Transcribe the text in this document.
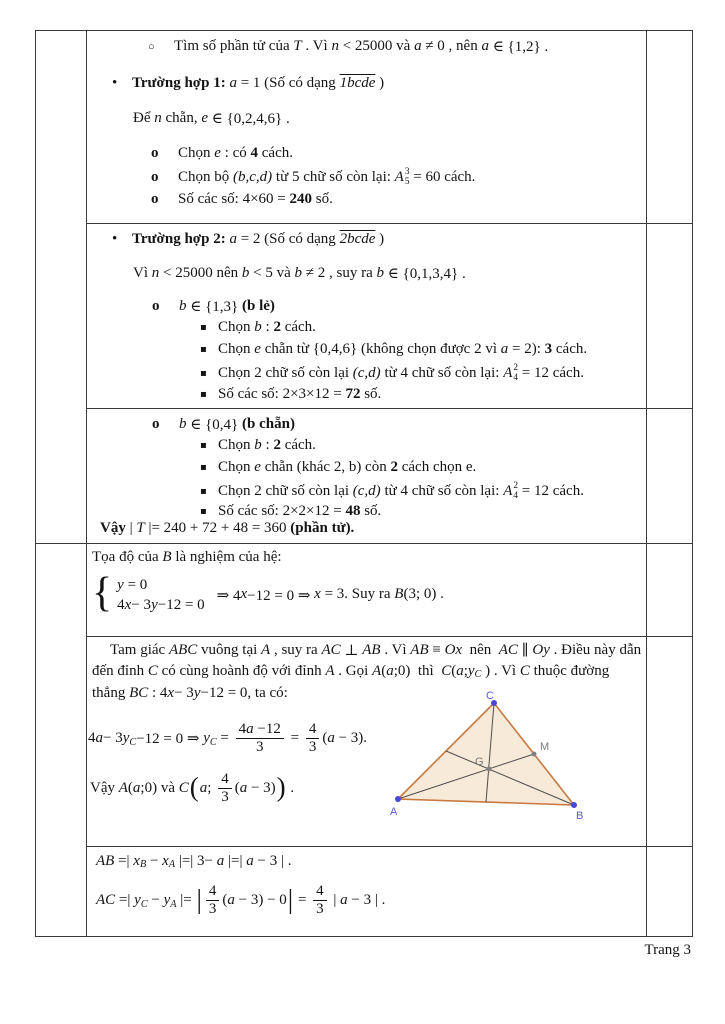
○	Tìm số phần tử của T . Vì n < 25000 và a ≠ 0 , nên a ∈ {1,2} .
• Trường hợp 1: a = 1 (Số có dạng 1bcde )
Để n chẵn, e ∈ {0,2,4,6} .
o	Chọn e : có 4 cách.
o	Chọn bộ (b,c,d) từ 5 chữ số còn lại: A 3
5 = 60 cách.
o	Số các số: 4×60 = 240 số.
• Trường hợp 2: a = 2 (Số có dạng 2bcde )
Vì n < 25000 nên b < 5 và b ≠ 2 , suy ra b ∈ {0,1,3,4} .
o	b ∈ {1,3} (b lẻ)
▪ Chọn b : 2 cách.
▪ Chọn e chẵn từ {0,4,6} (không chọn được 2 vì a = 2): 3 cách.
▪ Chọn 2 chữ số còn lại (c,d) từ 4 chữ số còn lại: A 2
4 = 12 cách.
▪ Số các số: 2×3×12 = 72 số.
o	b ∈ {0,4} (b chẵn)
▪ Chọn b : 2 cách.
▪ Chọn e chẵn (khác 2, b) còn 2 cách chọn e.
▪ Chọn 2 chữ số còn lại (c,d) từ 4 chữ số còn lại: A 2
4 = 12 cách.
▪ Số các số: 2×2×12 = 48 số.
Vậy | T |= 240 + 72 + 48 = 360 (phần tử).
Tọa độ của B là nghiệm của hệ:
{ y = 0
4 x − 3 y −12 = 0
⇒ 4 x −12 = 0 ⇒ x = 3. Suy ra B (3; 0) .
Tam giác ABC vuông tại A , suy ra AC ⊥ AB . Vì AB ≡ Ox nên AC ∥ Oy . Điều này dẫn
đến đỉnh C có cùng hoành độ với đỉnh A . Gọi A ( a ;0)  thì C ( a ; y C ) . Vì C thuộc đường
thẳng BC : 4 x − 3 y −12 = 0, ta có:
4 a − 3 y C −12 = 0 ⇒ y $C = \frac{4a -12}{3} = \frac{4}{3}$ ( a − 3).
Vậy A ( a ;0) và C ( a ; $\frac{4}{3}$ ( a − 3) ) .
A	B
C
G
M
AB =| x B − x A |=| 3− a |=| a − 3 | .
AC =| y C − y A |= | $\frac{4}{3}$ ( a − 3) − 0 | = $\frac{4}{3}$ | a − 3 | .
Trang 3
